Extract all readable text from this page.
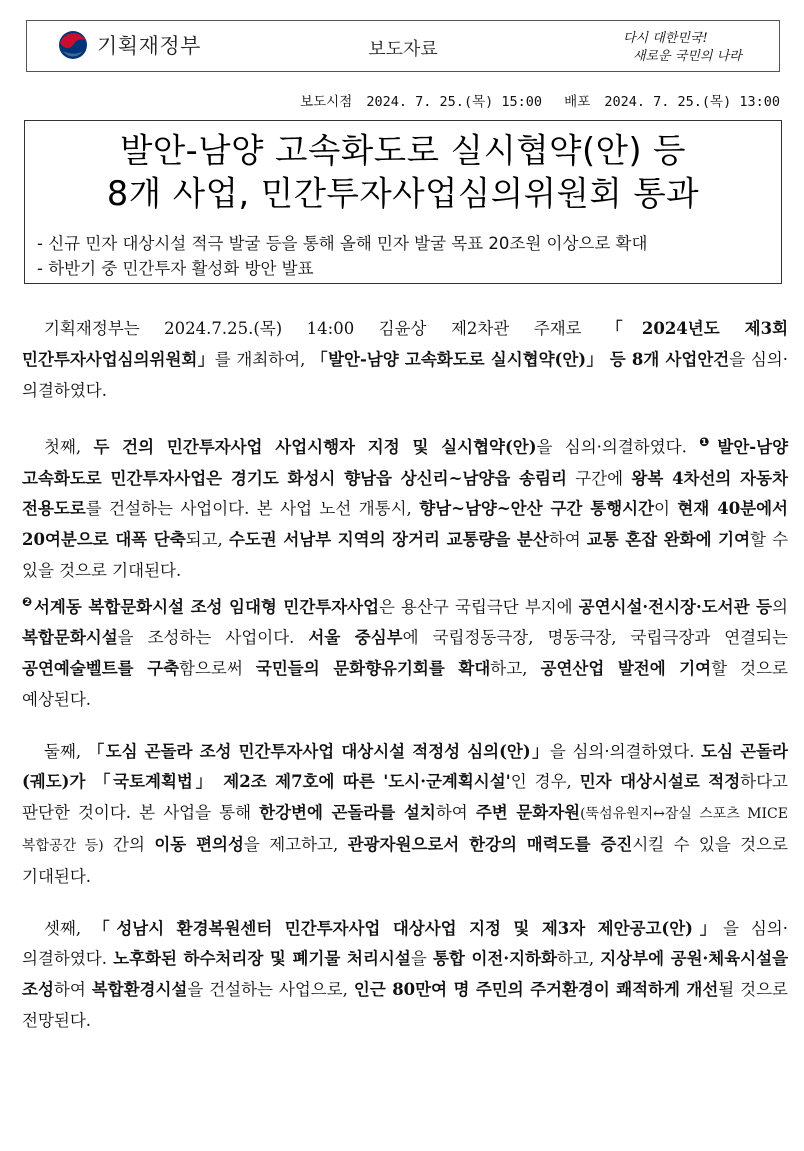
기획재정부	보도자료
다시 대한민국!
새로운 국민의 나라
보도시점 2024. 7. 25.(목) 15:00 배포 2024. 7. 25.(목) 13:00
발안-남양 고속화도로 실시협약(안) 등
8개 사업, 민간투자사업심의위원회 통과
- 신규 민자 대상시설 적극 발굴 등을 통해 올해 민자 발굴 목표 20조원 이상으로 확대
- 하반기 중 민간투자 활성화 방안 발표

기획재정부는 2024.7.25.(목) 14:00 김윤상 제2차관 주재로 「2024년도 제3회 민간투자사업심의위원회」를 개최하여, 「발안-남양 고속화도로 실시협약(안)」 등 8개 사업안건을 심의·의결하였다.

첫째, 두 건의 민간투자사업 사업시행자 지정 및 실시협약(안)을 심의·의결하였다. $^❶$발안-남양 고속화도로 민간투자사업은 경기도 화성시 향남읍 상신리~남양읍 송림리 구간에 왕복 4차선의 자동차 전용도로를 건설하는 사업이다. 본 사업 노선 개통시, 향남~남양~안산 구간 통행시간이 현재 40분에서 20여분으로 대폭 단축되고, 수도권 서남부 지역의 장거리 교통량을 분산하여 교통 혼잡 완화에 기여할 수 있을 것으로 기대된다.
$^❷$서계동 복합문화시설 조성 임대형 민간투자사업은 용산구 국립극단 부지에 공연시설·전시장·도서관 등의 복합문화시설을 조성하는 사업이다. 서울 중심부에 국립정동극장, 명동극장, 국립극장과 연결되는 공연예술벨트를 구축함으로써 국민들의 문화향유기회를 확대하고, 공연산업 발전에 기여할 것으로 예상된다.

둘째, 「도심 곤돌라 조성 민간투자사업 대상시설 적정성 심의(안)」을 심의·의결하였다. 도심 곤돌라(궤도)가 「국토계획법」 제2조 제7호에 따른 '도시·군계획시설'인 경우, 민자 대상시설로 적정하다고 판단한 것이다. 본 사업을 통해 한강변에 곤돌라를 설치하여 주변 문화자원(뚝섬유원지↔잠실 스포츠 MICE 복합공간 등) 간의 이동 편의성을 제고하고, 관광자원으로서 한강의 매력도를 증진시킬 수 있을 것으로 기대된다.

셋째, 「성남시 환경복원센터 민간투자사업 대상사업 지정 및 제3자 제안공고(안)」을 심의·의결하였다. 노후화된 하수처리장 및 폐기물 처리시설을 통합 이전·지하화하고, 지상부에 공원·체육시설을 조성하여 복합환경시설을 건설하는 사업으로, 인근 80만여 명 주민의 주거환경이 쾌적하게 개선될 것으로 전망된다.
